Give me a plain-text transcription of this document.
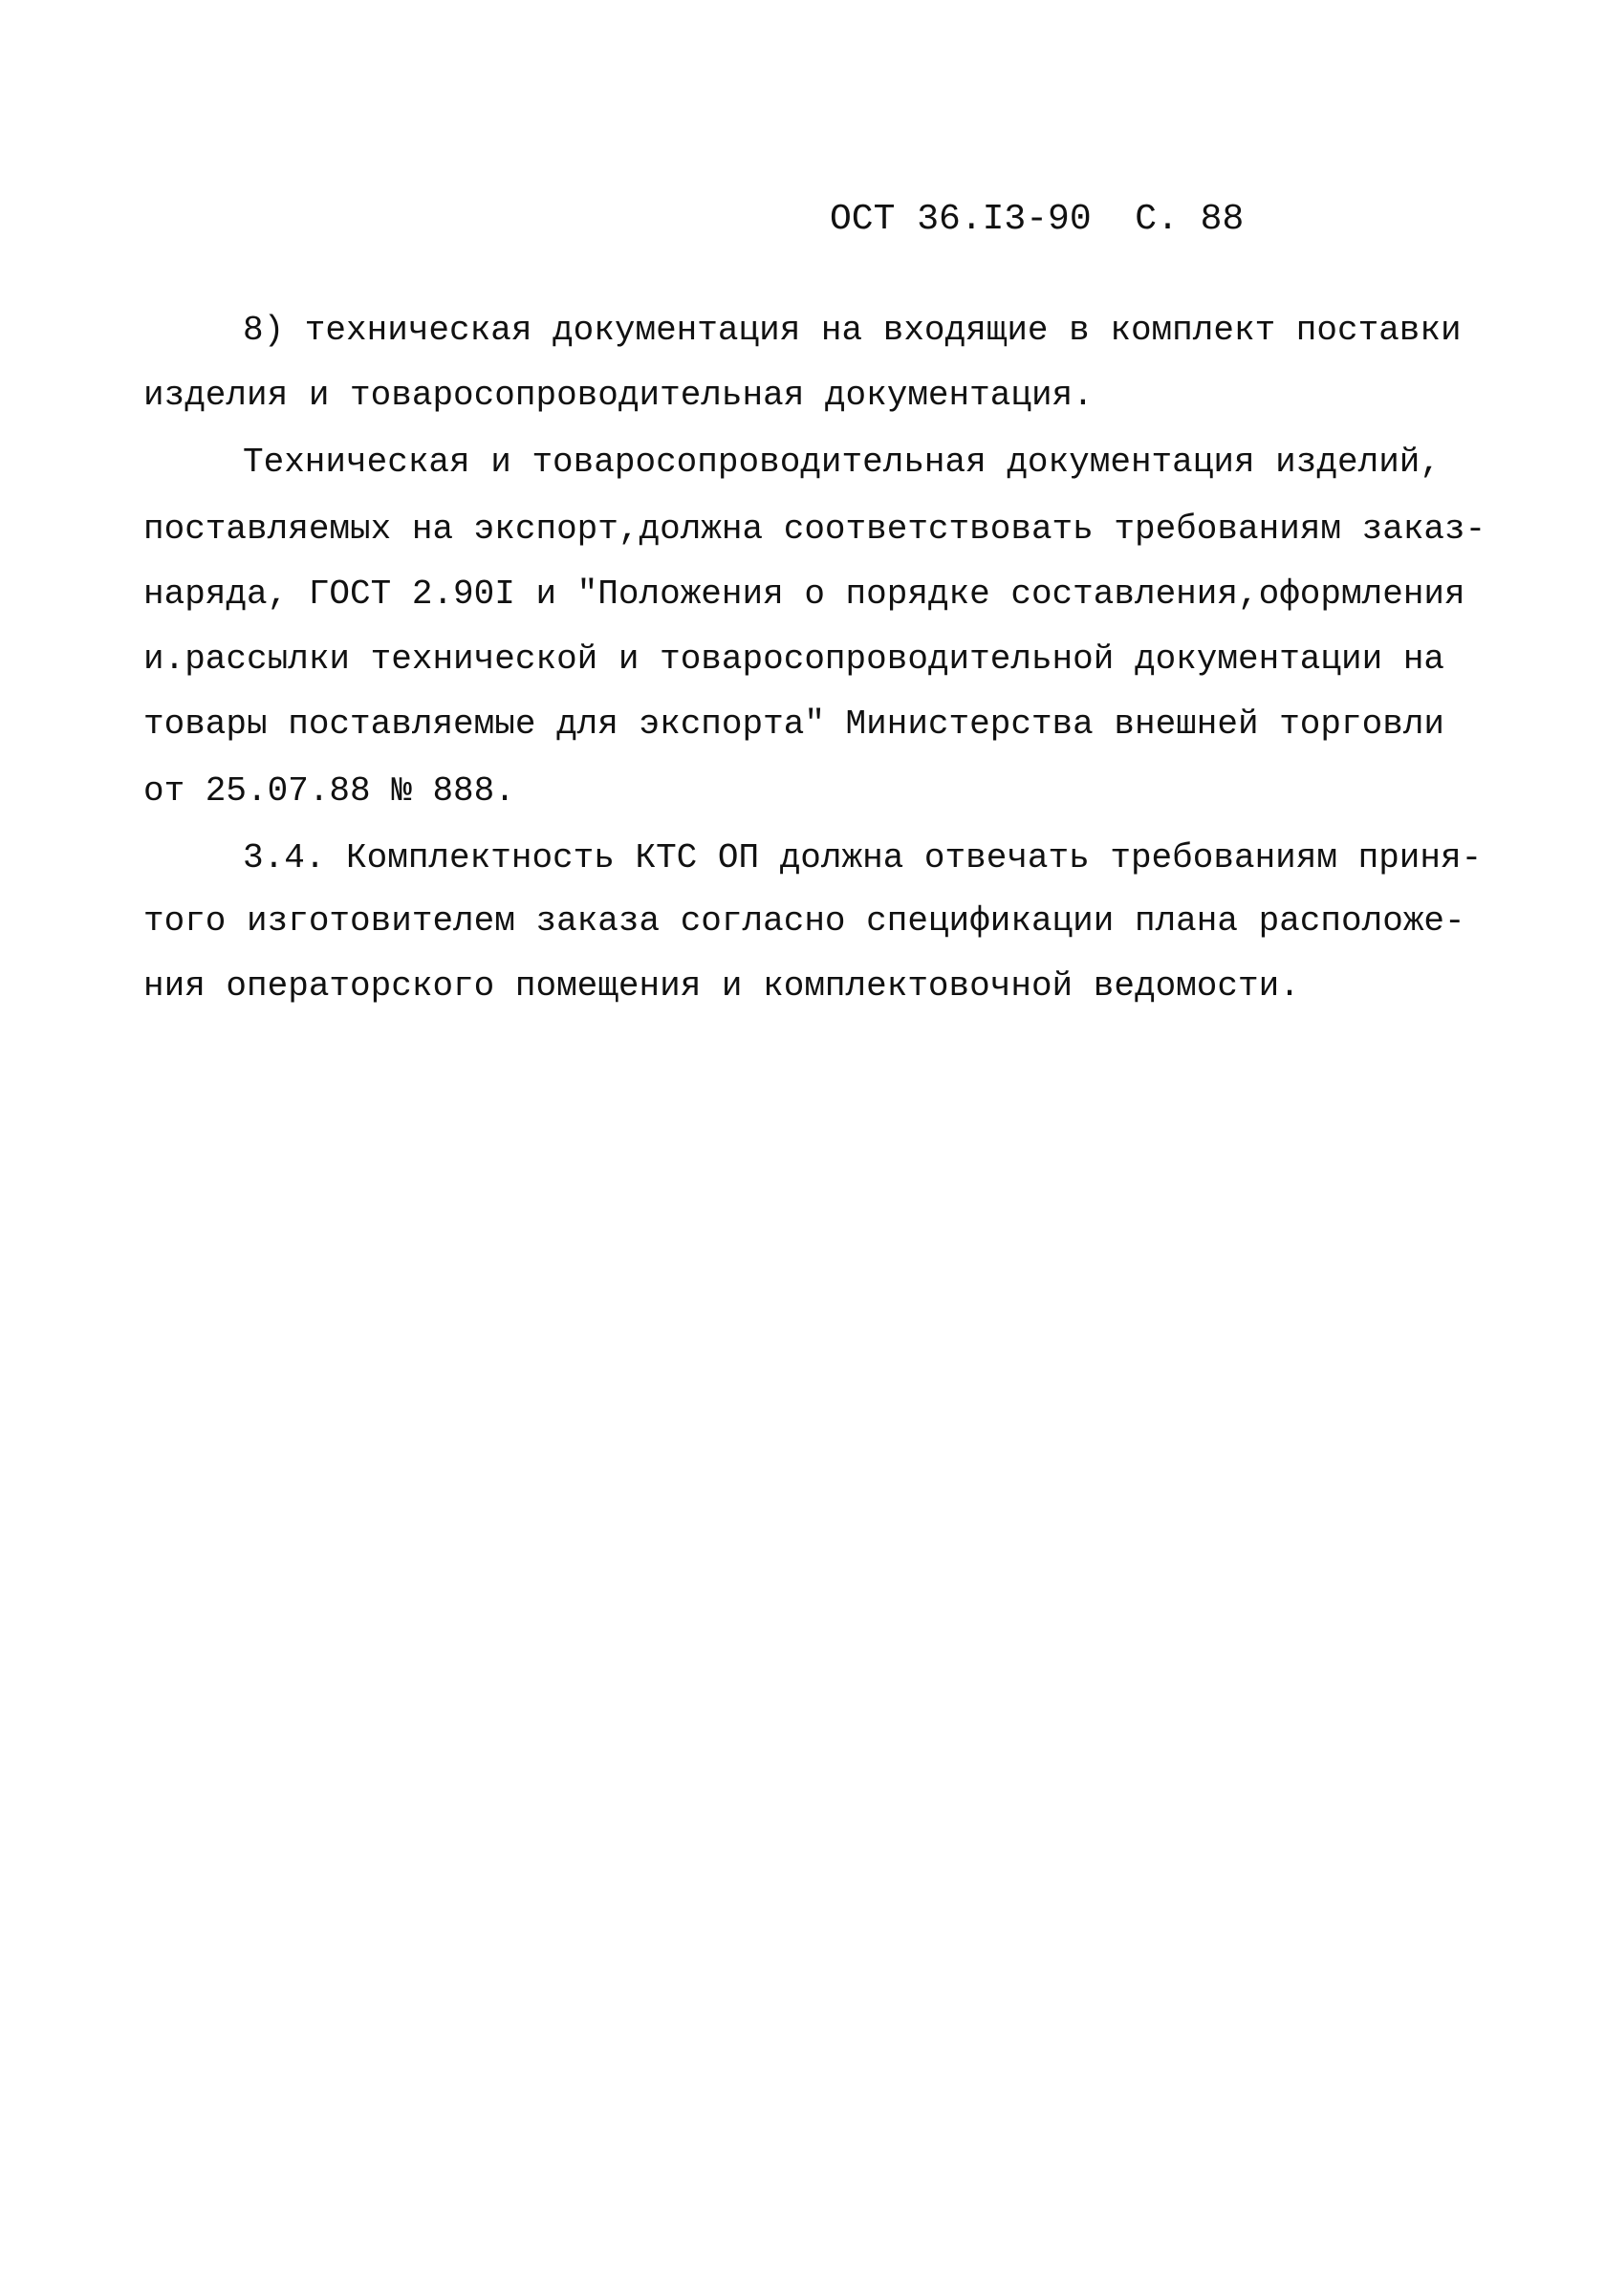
ОСТ 36.I3-90 С. 88
8) техническая документация на входящие в комплект поставки
изделия и товаросопроводительная документация.
Техническая и товаросопроводительная документация изделий,
поставляемых на экспорт,должна соответствовать требованиям заказ-
наряда, ГОСТ 2.90I и "Положения о порядке составления,оформления
и.рассылки технической и товаросопроводительной документации на
товары поставляемые для экспорта" Министерства внешней торговли
от 25.07.88 № 888.
3.4. Комплектность КТС ОП должна отвечать требованиям приня-
того изготовителем заказа согласно спецификации плана расположе-
ния операторского помещения и комплектовочной ведомости.
